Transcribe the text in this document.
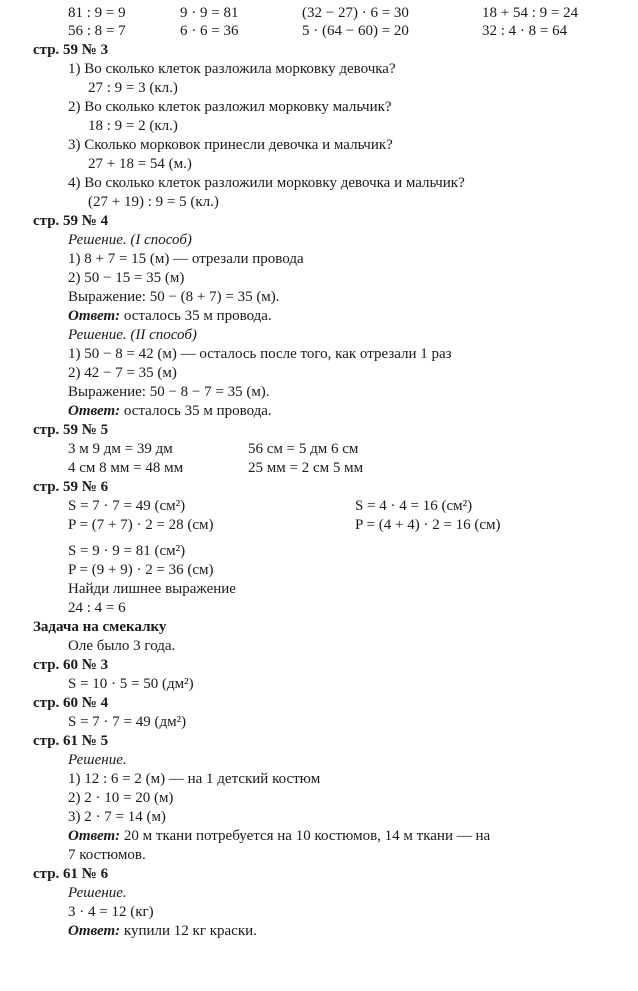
81 : 9 = 9	9 · 9 = 81	(32 − 27) · 6 = 30	18 + 54 : 9 = 24
56 : 8 = 7	6 · 6 = 36	5 · (64 − 60) = 20	32 : 4 · 8 = 64
стр. 59 № 3
1) Во сколько клеток разложила морковку девочка?
27 : 9 = 3 (кл.)
2) Во сколько клеток разложил морковку мальчик?
18 : 9 = 2 (кл.)
3) Сколько морковок принесли девочка и мальчик?
27 + 18 = 54 (м.)
4) Во сколько клеток разложили морковку девочка и мальчик?
(27 + 19) : 9 = 5 (кл.)
стр. 59 № 4
Решение. (I способ)
1) 8 + 7 = 15 (м) — отрезали провода
2) 50 − 15 = 35 (м)
Выражение: 50 − (8 + 7) = 35 (м).
Ответ: осталось 35 м провода.
Решение. (II способ)
1) 50 − 8 = 42 (м) — осталось после того, как отрезали 1 раз
2) 42 − 7 = 35 (м)
Выражение: 50 − 8 − 7 = 35 (м).
Ответ: осталось 35 м провода.
стр. 59 № 5
3 м 9 дм = 39 дм	56 см = 5 дм 6 см
4 см 8 мм = 48 мм	25 мм = 2 см 5 мм
стр. 59 № 6
S = 7 · 7 = 49 (см²)	S = 4 · 4 = 16 (см²)
P = (7 + 7) · 2 = 28 (см)	P = (4 + 4) · 2 = 16 (см)
S = 9 · 9 = 81 (см²)
P = (9 + 9) · 2 = 36 (см)
Найди лишнее выражение
24 : 4 = 6
Задача на смекалку
Оле было 3 года.
стр. 60 № 3
S = 10 · 5 = 50 (дм²)
стр. 60 № 4
S = 7 · 7 = 49 (дм²)
стр. 61 № 5
Решение.
1) 12 : 6 = 2 (м) — на 1 детский костюм
2) 2 · 10 = 20 (м)
3) 2 · 7 = 14 (м)
Ответ: 20 м ткани потребуется на 10 костюмов, 14 м ткани — на
7 костюмов.
стр. 61 № 6
Решение.
3 · 4 = 12 (кг)
Ответ: купили 12 кг краски.
